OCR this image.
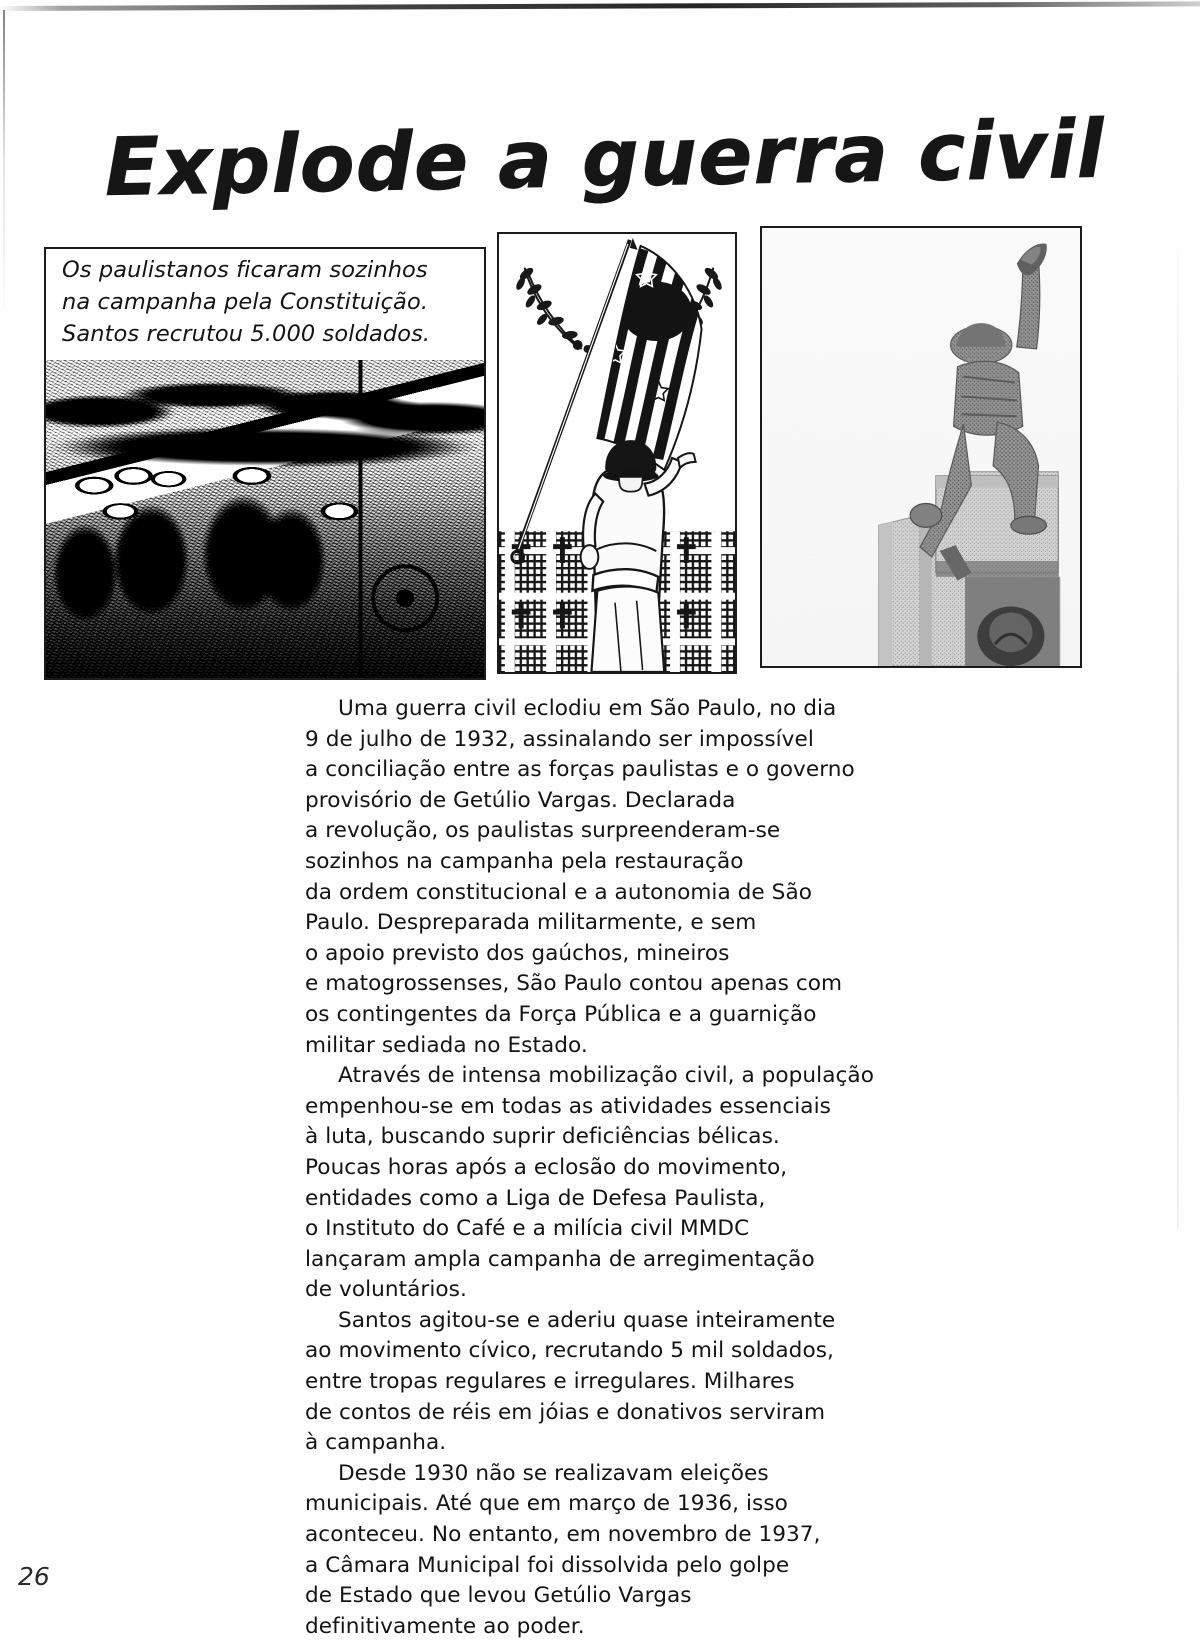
Explode a guerra civil
Os paulistanos ficaram sozinhos
na campanha pela Constituição.
Santos recrutou 5.000 soldados.

Uma guerra civil eclodiu em São Paulo, no dia
9 de julho de 1932, assinalando ser impossível
a conciliação entre as forças paulistas e o governo
provisório de Getúlio Vargas. Declarada
a revolução, os paulistas surpreenderam-se
sozinhos na campanha pela restauração
da ordem constitucional e a autonomia de São
Paulo. Despreparada militarmente, e sem
o apoio previsto dos gaúchos, mineiros
e matogrossenses, São Paulo contou apenas com
os contingentes da Força Pública e a guarnição
militar sediada no Estado.

Através de intensa mobilização civil, a população
empenhou-se em todas as atividades essenciais
à luta, buscando suprir deficiências bélicas.
Poucas horas após a eclosão do movimento,
entidades como a Liga de Defesa Paulista,
o Instituto do Café e a milícia civil MMDC
lançaram ampla campanha de arregimentação
de voluntários.

Santos agitou-se e aderiu quase inteiramente
ao movimento cívico, recrutando 5 mil soldados,
entre tropas regulares e irregulares. Milhares
de contos de réis em jóias e donativos serviram
à campanha.

Desde 1930 não se realizavam eleições
municipais. Até que em março de 1936, isso
aconteceu. No entanto, em novembro de 1937,
a Câmara Municipal foi dissolvida pelo golpe
de Estado que levou Getúlio Vargas
definitivamente ao poder.

26
